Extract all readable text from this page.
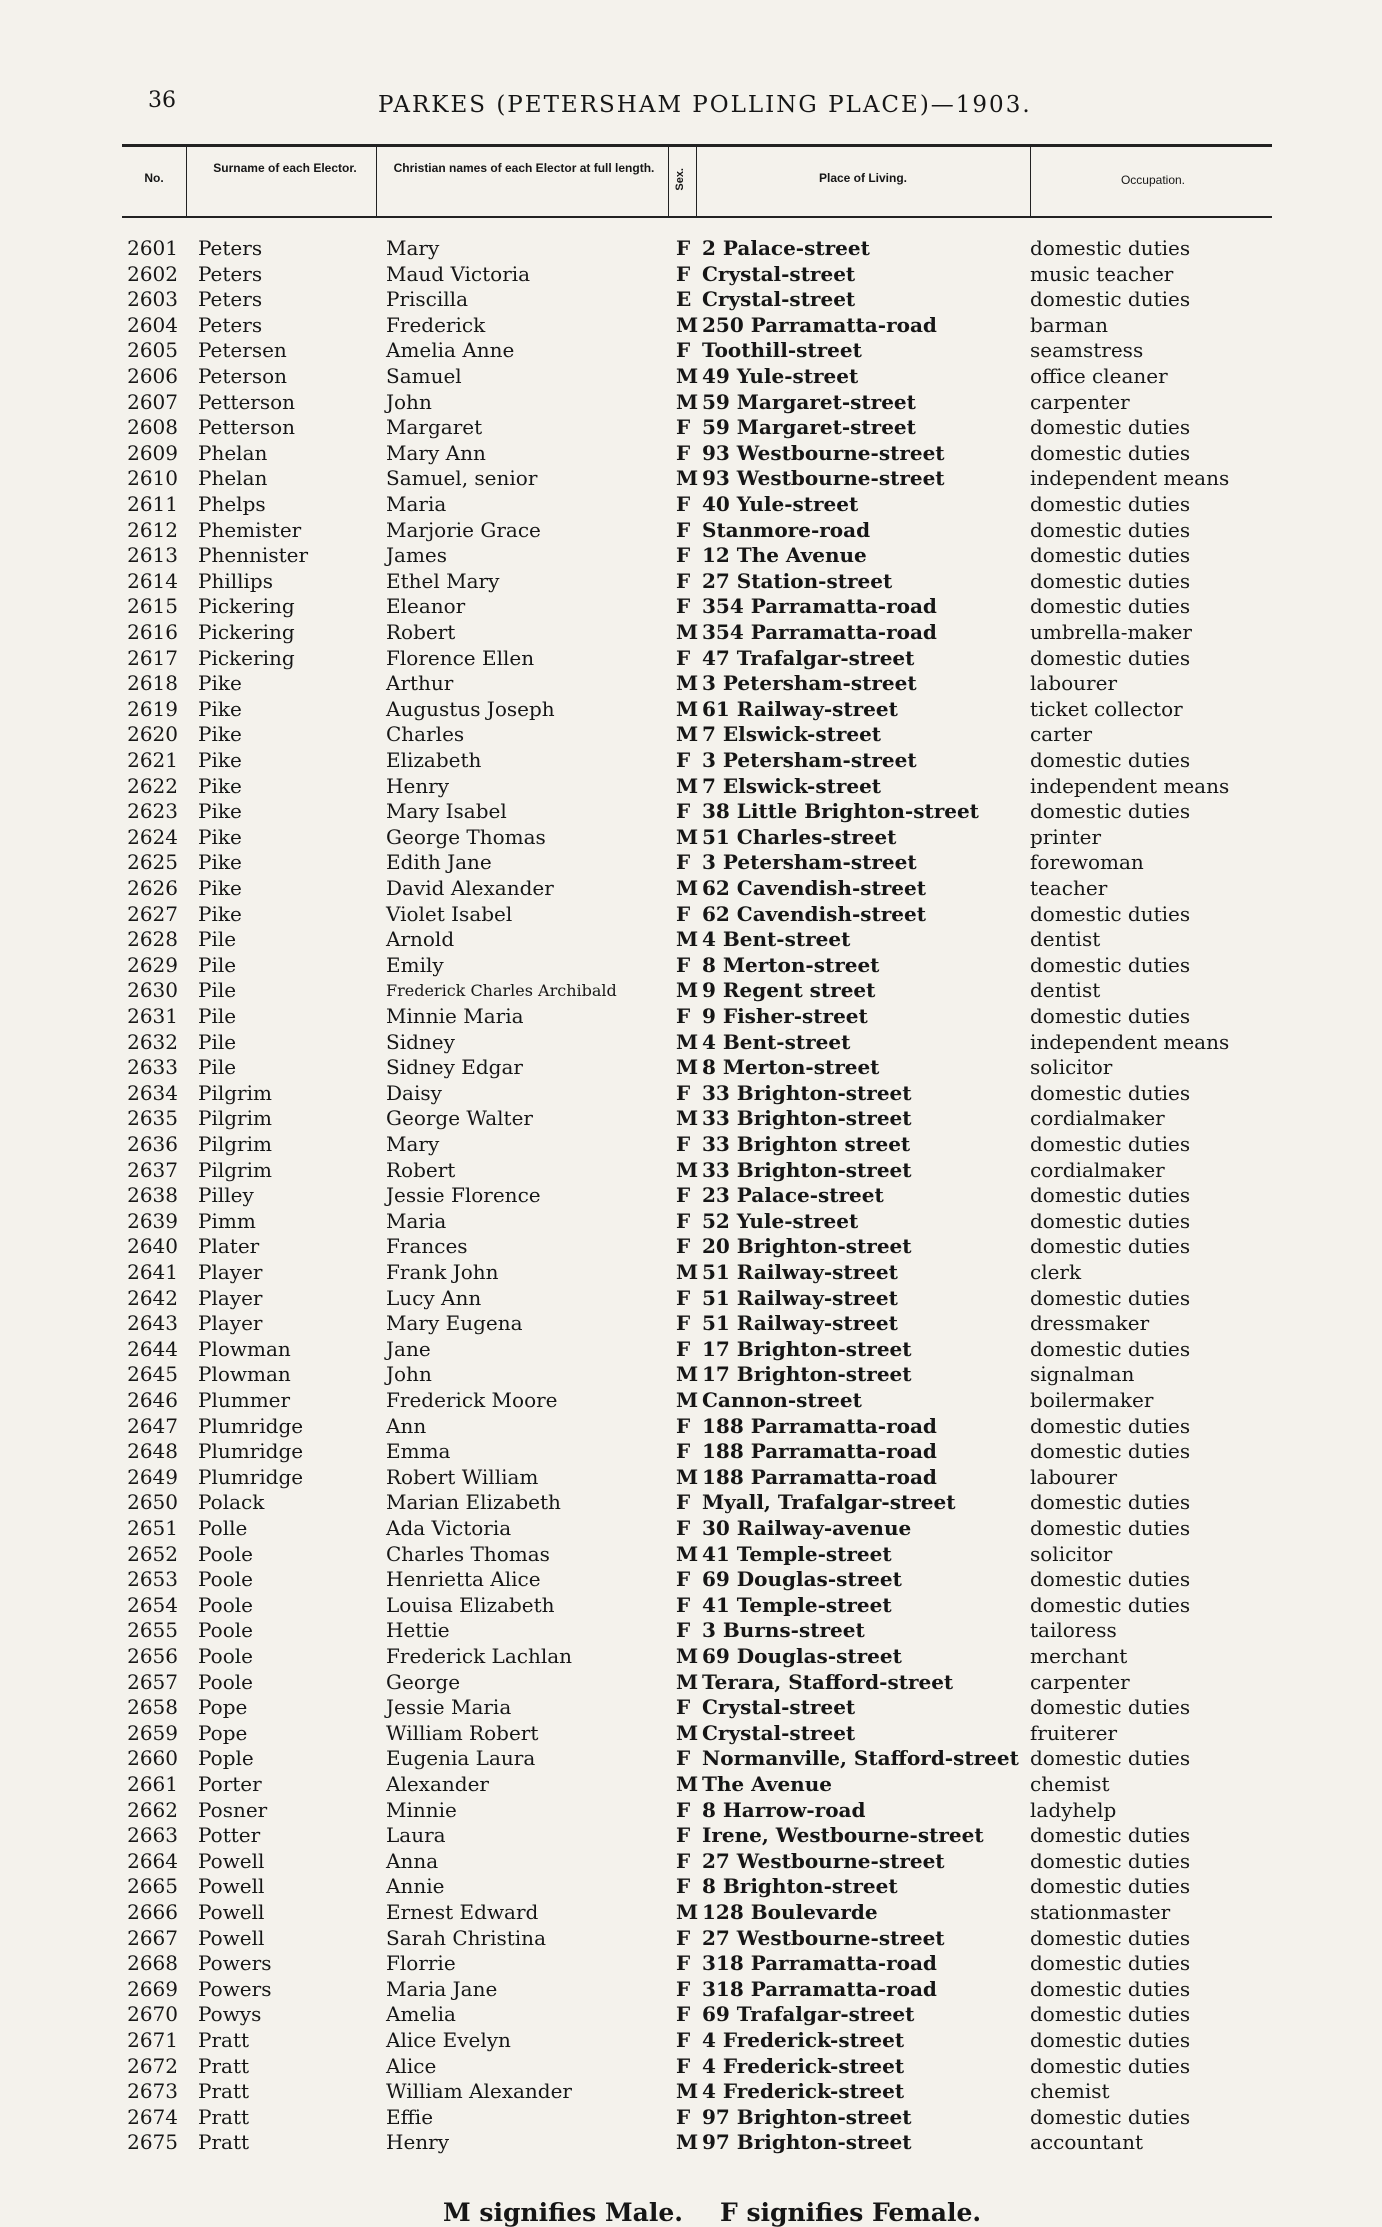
36	PARKES (PETERSHAM POLLING PLACE)—1903.
No.
Surname of each Elector.	Christian names of each Elector at full length.	Sex.	Place of Living.	Occupation.
2601 Peters	Mary	F 2 Palace-street	domestic duties
2602 Peters	Maud Victoria	F Crystal-street	music teacher
2603 Peters	Priscilla	E Crystal-street	domestic duties
2604 Peters	Frederick	M 250 Parramatta-road	barman
2605 Petersen	Amelia Anne	F Toothill-street	seamstress
2606 Peterson	Samuel	M 49 Yule-street	office cleaner
2607 Petterson	John	M 59 Margaret-street	carpenter
2608 Petterson	Margaret	F 59 Margaret-street	domestic duties
2609 Phelan	Mary Ann	F 93 Westbourne-street	domestic duties
2610 Phelan	Samuel, senior	M 93 Westbourne-street	independent means
2611 Phelps	Maria	F 40 Yule-street	domestic duties
2612 Phemister	Marjorie Grace	F Stanmore-road	domestic duties
2613 Phennister	James	F 12 The Avenue	domestic duties
2614 Phillips	Ethel Mary	F 27 Station-street	domestic duties
2615 Pickering	Eleanor	F 354 Parramatta-road	domestic duties
2616 Pickering	Robert	M 354 Parramatta-road	umbrella-maker
2617 Pickering	Florence Ellen	F 47 Trafalgar-street	domestic duties
2618 Pike	Arthur	M 3 Petersham-street	labourer
2619 Pike	Augustus Joseph	M 61 Railway-street	ticket collector
2620 Pike	Charles	M 7 Elswick-street	carter
2621 Pike	Elizabeth	F 3 Petersham-street	domestic duties
2622 Pike	Henry	M 7 Elswick-street	independent means
2623 Pike	Mary Isabel	F 38 Little Brighton-street	domestic duties
2624 Pike	George Thomas	M 51 Charles-street	printer
2625 Pike	Edith Jane	F 3 Petersham-street	forewoman
2626 Pike	David Alexander	M 62 Cavendish-street	teacher
2627 Pike	Violet Isabel	F 62 Cavendish-street	domestic duties
2628 Pile	Arnold	M 4 Bent-street	dentist
2629 Pile	Emily	F 8 Merton-street	domestic duties
2630 Pile	Frederick Charles Archibald	M 9 Regent street	dentist
2631 Pile	Minnie Maria	F 9 Fisher-street	domestic duties
2632 Pile	Sidney	M 4 Bent-street	independent means
2633 Pile	Sidney Edgar	M 8 Merton-street	solicitor
2634 Pilgrim	Daisy	F 33 Brighton-street	domestic duties
2635 Pilgrim	George Walter	M 33 Brighton-street	cordialmaker
2636 Pilgrim	Mary	F 33 Brighton street	domestic duties
2637 Pilgrim	Robert	M 33 Brighton-street	cordialmaker
2638 Pilley	Jessie Florence	F 23 Palace-street	domestic duties
2639 Pimm	Maria	F 52 Yule-street	domestic duties
2640 Plater	Frances	F 20 Brighton-street	domestic duties
2641 Player	Frank John	M 51 Railway-street	clerk
2642 Player	Lucy Ann	F 51 Railway-street	domestic duties
2643 Player	Mary Eugena	F 51 Railway-street	dressmaker
2644 Plowman	Jane	F 17 Brighton-street	domestic duties
2645 Plowman	John	M 17 Brighton-street	signalman
2646 Plummer	Frederick Moore	M Cannon-street	boilermaker
2647 Plumridge	Ann	F 188 Parramatta-road	domestic duties
2648 Plumridge	Emma	F 188 Parramatta-road	domestic duties
2649 Plumridge	Robert William	M 188 Parramatta-road	labourer
2650 Polack	Marian Elizabeth	F Myall, Trafalgar-street	domestic duties
2651 Polle	Ada Victoria	F 30 Railway-avenue	domestic duties
2652 Poole	Charles Thomas	M 41 Temple-street	solicitor
2653 Poole	Henrietta Alice	F 69 Douglas-street	domestic duties
2654 Poole	Louisa Elizabeth	F 41 Temple-street	domestic duties
2655 Poole	Hettie	F 3 Burns-street	tailoress
2656 Poole	Frederick Lachlan	M 69 Douglas-street	merchant
2657 Poole	George	M Terara, Stafford-street	carpenter
2658 Pope	Jessie Maria	F Crystal-street	domestic duties
2659 Pope	William Robert	M Crystal-street	fruiterer
2660 Pople	Eugenia Laura	F Normanville, Stafford-street domestic duties
2661 Porter	Alexander	M The Avenue	chemist
2662 Posner	Minnie	F 8 Harrow-road	ladyhelp
2663 Potter	Laura	F Irene, Westbourne-street domestic duties
2664 Powell	Anna	F 27 Westbourne-street	domestic duties
2665 Powell	Annie	F 8 Brighton-street	domestic duties
2666 Powell	Ernest Edward	M 128 Boulevarde	stationmaster
2667 Powell	Sarah Christina	F 27 Westbourne-street	domestic duties
2668 Powers	Florrie	F 318 Parramatta-road	domestic duties
2669 Powers	Maria Jane	F 318 Parramatta-road	domestic duties
2670 Powys	Amelia	F 69 Trafalgar-street	domestic duties
2671 Pratt	Alice Evelyn	F 4 Frederick-street	domestic duties
2672 Pratt	Alice	F 4 Frederick-street	domestic duties
2673 Pratt	William Alexander	M 4 Frederick-street	chemist
2674 Pratt	Effie	F 97 Brighton-street	domestic duties
2675 Pratt	Henry	M 97 Brighton-street	accountant
M signifies Male. F signifies Female.
